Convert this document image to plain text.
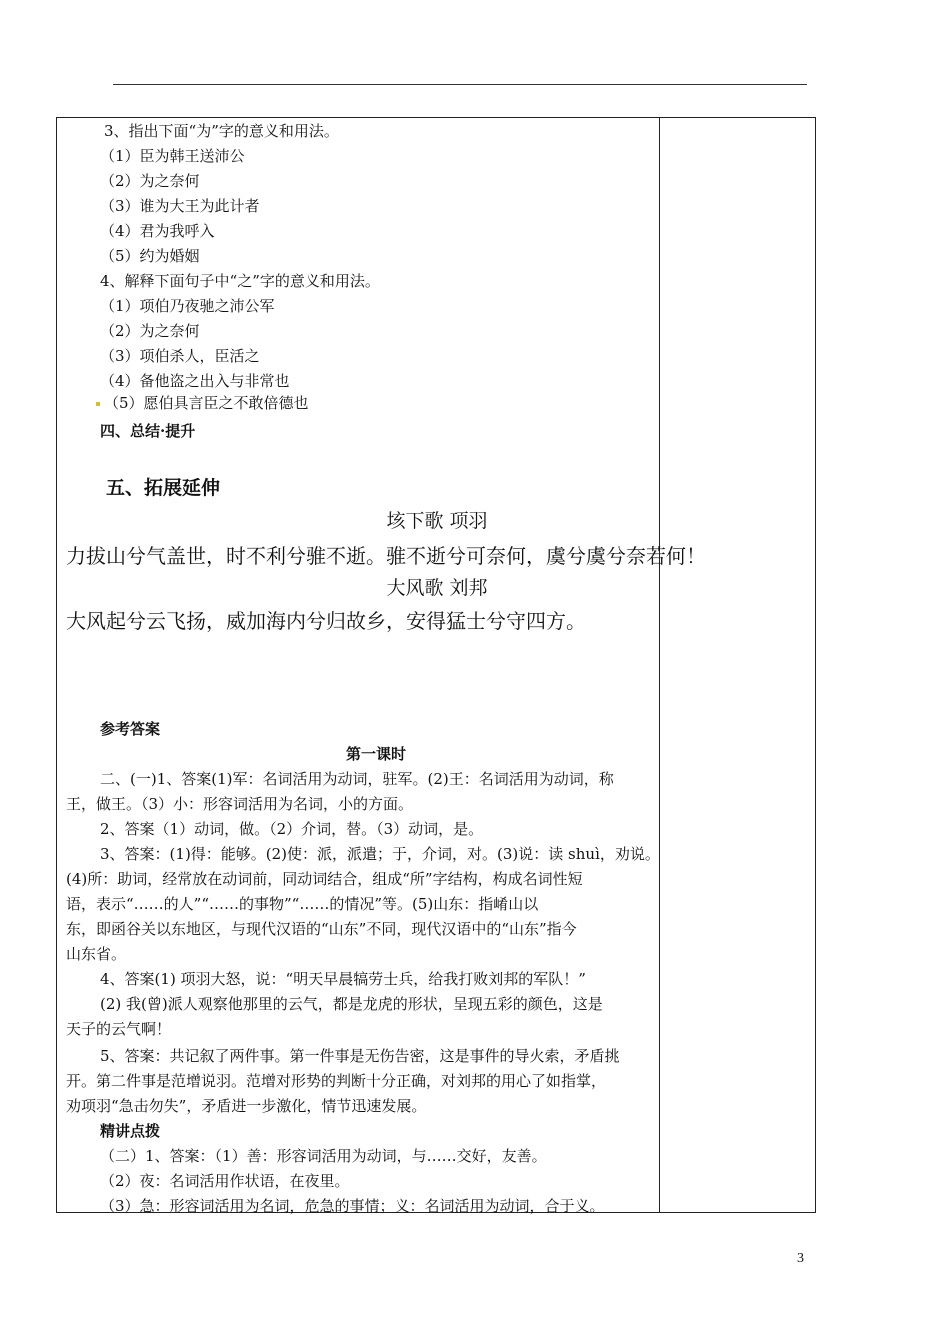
3、指出下面“为”字的意义和用法。
（1）臣为韩王送沛公
（2）为之奈何
（3）谁为大王为此计者
（4）君为我呼入
（5）约为婚姻
4、解释下面句子中“之”字的意义和用法。
（1）项伯乃夜驰之沛公军
（2）为之奈何
（3）项伯杀人，臣活之
（4）备他盗之出入与非常也
（5）愿伯具言臣之不敢倍德也
四、总结·提升
五、拓展延伸
垓下歌 项羽
力拔山兮气盖世，时不利兮骓不逝。骓不逝兮可奈何，虞兮虞兮奈若何！
大风歌 刘邦
大风起兮云飞扬，威加海内兮归故乡，安得猛士兮守四方。
参考答案
第一课时
二、(一)1、答案(1)军：名词活用为动词，驻军。(2)王：名词活用为动词，称
王，做王。（3）小：形容词活用为名词，小的方面。
2、答案（1）动词，做。（2）介词，替。（3）动词，是。
3、答案：(1)得：能够。(2)使：派，派遣；于，介词，对。(3)说：读 shuì，劝说。
(4)所：助词，经常放在动词前，同动词结合，组成“所”字结构，构成名词性短
语，表示“……的人”“……的事物”“……的情况”等。(5)山东：指崤山以
东，即函谷关以东地区，与现代汉语的“山东”不同，现代汉语中的“山东”指今
山东省。
4、答案(1) 项羽大怒，说：“明天早晨犒劳士兵，给我打败刘邦的军队！”
(2) 我(曾)派人观察他那里的云气，都是龙虎的形状，呈现五彩的颜色，这是
天子的云气啊！
5、答案：共记叙了两件事。第一件事是无伤告密，这是事件的导火索，矛盾挑
开。第二件事是范增说羽。范增对形势的判断十分正确，对刘邦的用心了如指掌，
劝项羽“急击勿失”，矛盾进一步激化，情节迅速发展。
精讲点拨
（二）1、答案：（1）善：形容词活用为动词，与……交好，友善。
（2）夜：名词活用作状语，在夜里。
（3）急：形容词活用为名词，危急的事情；义：名词活用为动词，合于义。
3
